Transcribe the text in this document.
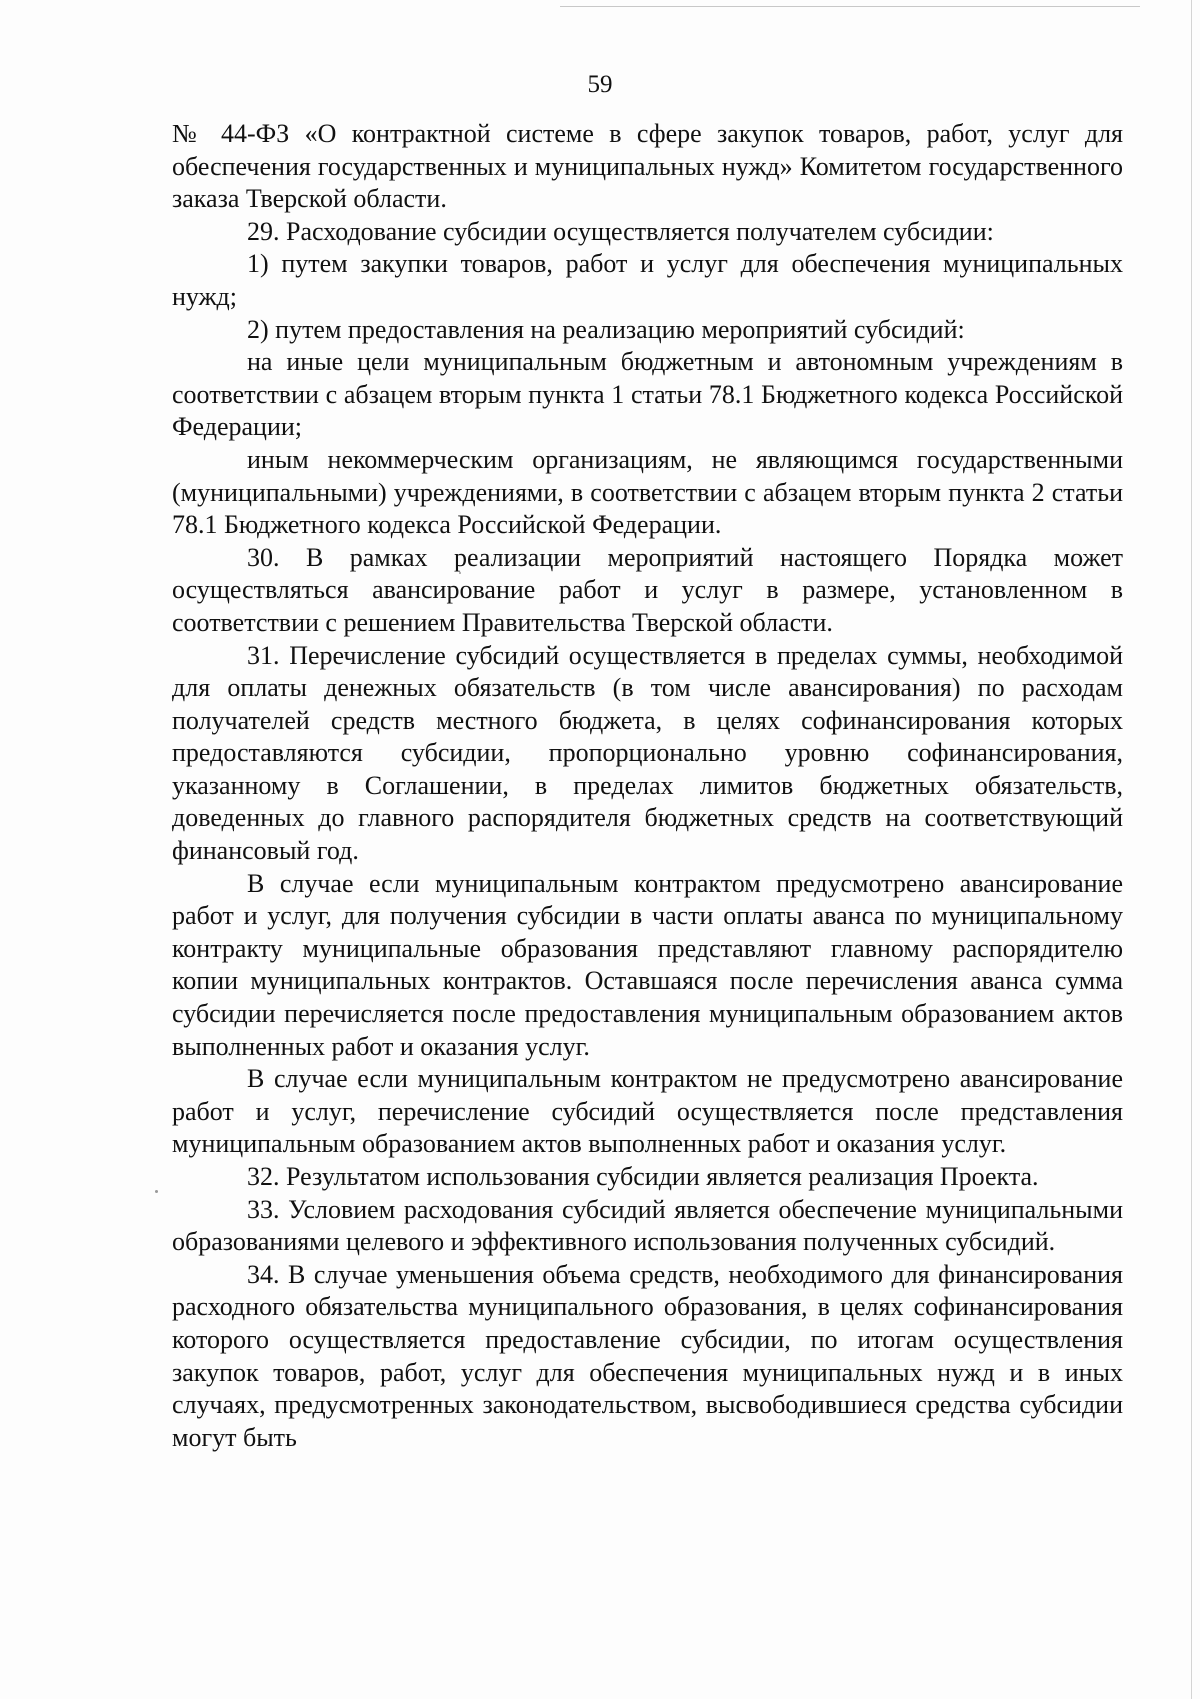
59

№ 44-ФЗ «О контрактной системе в сфере закупок товаров, работ, услуг для обеспечения государственных и муниципальных нужд» Комитетом государственного заказа Тверской области.

29. Расходование субсидии осуществляется получателем субсидии:

1) путем закупки товаров, работ и услуг для обеспечения муниципальных нужд;

2) путем предоставления на реализацию мероприятий субсидий:

на иные цели муниципальным бюджетным и автономным учреждениям в соответствии с абзацем вторым пункта 1 статьи 78.1 Бюджетного кодекса Российской Федерации;

иным некоммерческим организациям, не являющимся государственными (муниципальными) учреждениями, в соответствии с абзацем вторым пункта 2 статьи 78.1 Бюджетного кодекса Российской Федерации.

30. В рамках реализации мероприятий настоящего Порядка может осуществляться авансирование работ и услуг в размере, установленном в соответствии с решением Правительства Тверской области.

31. Перечисление субсидий осуществляется в пределах суммы, необходимой для оплаты денежных обязательств (в том числе авансирования) по расходам получателей средств местного бюджета, в целях софинансирования которых предоставляются субсидии, пропорционально уровню софинансирования, указанному в Соглашении, в пределах лимитов бюджетных обязательств, доведенных до главного распорядителя бюджетных средств на соответствующий финансовый год.

В случае если муниципальным контрактом предусмотрено авансирование работ и услуг, для получения субсидии в части оплаты аванса по муниципальному контракту муниципальные образования представляют главному распорядителю копии муниципальных контрактов. Оставшаяся после перечисления аванса сумма субсидии перечисляется после предоставления муниципальным образованием актов выполненных работ и оказания услуг.

В случае если муниципальным контрактом не предусмотрено авансирование работ и услуг, перечисление субсидий осуществляется после представления муниципальным образованием актов выполненных работ и оказания услуг.

32. Результатом использования субсидии является реализация Проекта.

33. Условием расходования субсидий является обеспечение муниципальными образованиями целевого и эффективного использования полученных субсидий.

34. В случае уменьшения объема средств, необходимого для финансирования расходного обязательства муниципального образования, в целях софинансирования которого осуществляется предоставление субсидии, по итогам осуществления закупок товаров, работ, услуг для обеспечения муниципальных нужд и в иных случаях, предусмотренных законодательством, высвободившиеся средства субсидии могут быть
